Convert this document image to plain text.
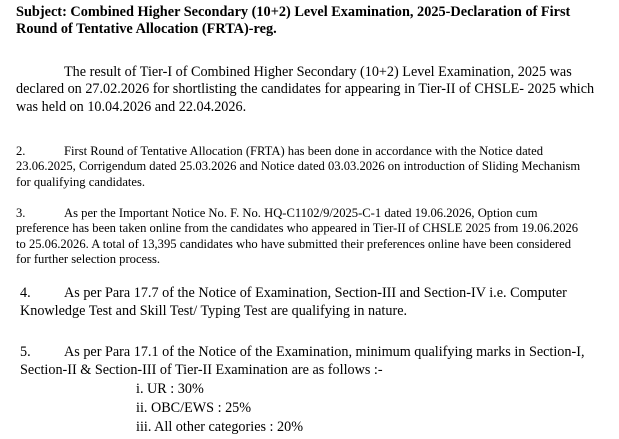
Subject: Combined Higher Secondary (10+2) Level Examination, 2025-Declaration of First
Round of Tentative Allocation (FRTA)-reg.
The result of Tier-I of Combined Higher Secondary (10+2) Level Examination, 2025 was
declared on 27.02.2026 for shortlisting the candidates for appearing in Tier-II of CHSLE- 2025 which
was held on 10.04.2026 and 22.04.2026.
2.	First Round of Tentative Allocation (FRTA) has been done in accordance with the Notice dated
23.06.2025, Corrigendum dated 25.03.2026 and Notice dated 03.03.2026 on introduction of Sliding Mechanism
for qualifying candidates.
3.	As per the Important Notice No. F. No. HQ-C1102/9/2025-C-1 dated 19.06.2026, Option cum
preference has been taken online from the candidates who appeared in Tier-II of CHSLE 2025 from 19.06.2026
to 25.06.2026. A total of 13,395 candidates who have submitted their preferences online have been considered
for further selection process.
4. As per Para 17.7 of the Notice of Examination, Section-III and Section-IV i.e. Computer
Knowledge Test and Skill Test/ Typing Test are qualifying in nature.
5. As per Para 17.1 of the Notice of the Examination, minimum qualifying marks in Section-I,
Section-II & Section-III of Tier-II Examination are as follows :-
i. UR : 30%
ii. OBC/EWS : 25%
iii. All other categories : 20%
